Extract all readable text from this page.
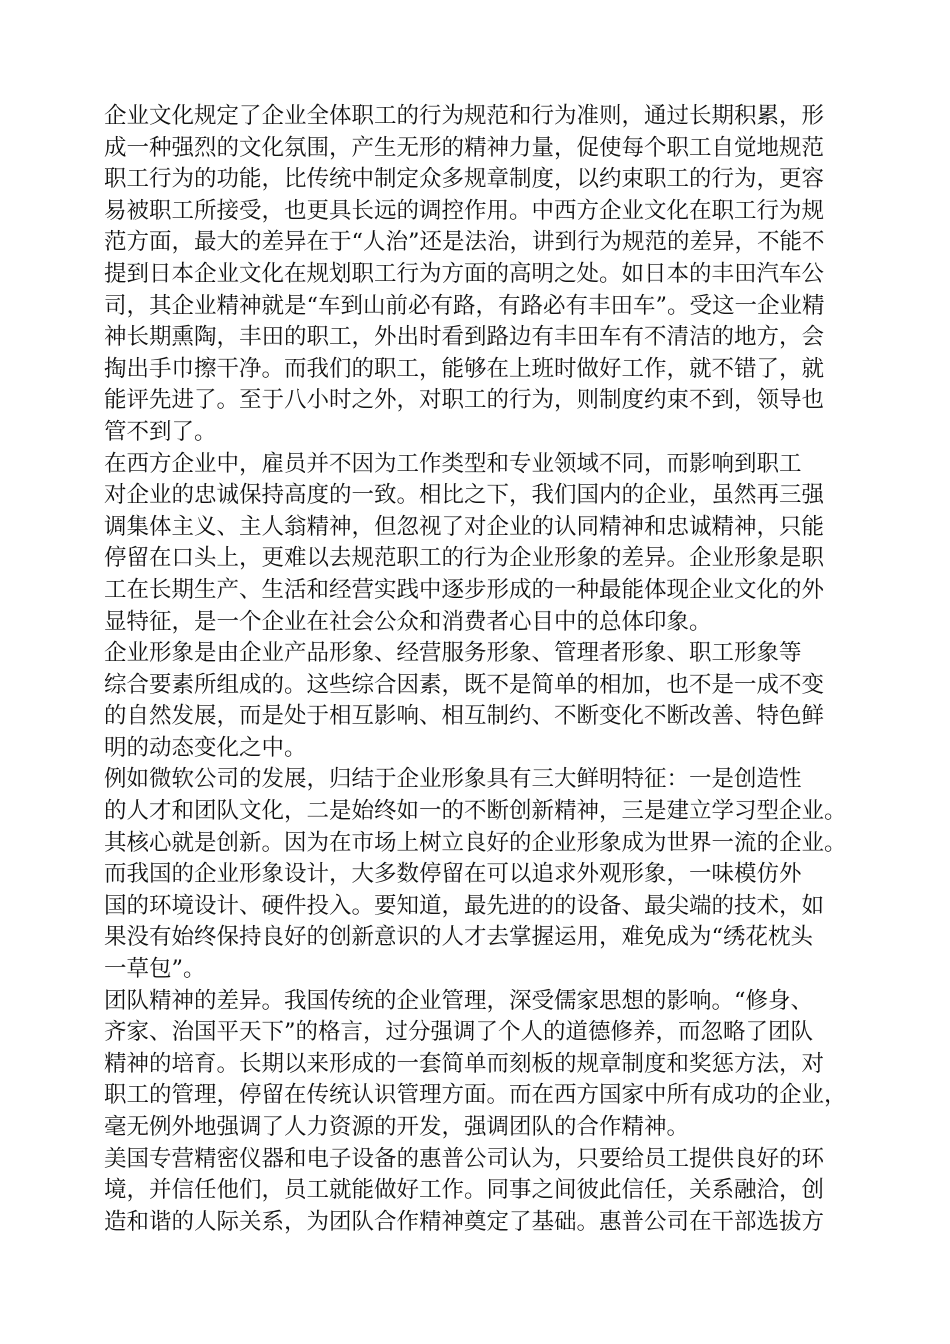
企业文化规定了企业全体职工的行为规范和行为准则，通过长期积累，形
成一种强烈的文化氛围，产生无形的精神力量，促使每个职工自觉地规范
职工行为的功能，比传统中制定众多规章制度，以约束职工的行为，更容
易被职工所接受，也更具长远的调控作用。中西方企业文化在职工行为规
范方面，最大的差异在于“人治”还是法治，讲到行为规范的差异，不能不
提到日本企业文化在规划职工行为方面的高明之处。如日本的丰田汽车公
司，其企业精神就是“车到山前必有路，有路必有丰田车”。受这一企业精
神长期熏陶，丰田的职工，外出时看到路边有丰田车有不清洁的地方，会
掏出手巾擦干净。而我们的职工，能够在上班时做好工作，就不错了，就
能评先进了。至于八小时之外，对职工的行为，则制度约束不到，领导也
管不到了。
在西方企业中，雇员并不因为工作类型和专业领域不同，而影响到职工
对企业的忠诚保持高度的一致。相比之下，我们国内的企业，虽然再三强
调集体主义、主人翁精神，但忽视了对企业的认同精神和忠诚精神，只能
停留在口头上，更难以去规范职工的行为企业形象的差异。企业形象是职
工在长期生产、生活和经营实践中逐步形成的一种最能体现企业文化的外
显特征，是一个企业在社会公众和消费者心目中的总体印象。
企业形象是由企业产品形象、经营服务形象、管理者形象、职工形象等
综合要素所组成的。这些综合因素，既不是简单的相加，也不是一成不变
的自然发展，而是处于相互影响、相互制约、不断变化不断改善、特色鲜
明的动态变化之中。
例如微软公司的发展，归结于企业形象具有三大鲜明特征：一是创造性
的人才和团队文化，二是始终如一的不断创新精神，三是建立学习型企业。
其核心就是创新。因为在市场上树立良好的企业形象成为世界一流的企业。
而我国的企业形象设计，大多数停留在可以追求外观形象，一味模仿外
国的环境设计、硬件投入。要知道，最先进的的设备、最尖端的技术，如
果没有始终保持良好的创新意识的人才去掌握运用，难免成为“绣花枕头
一草包”。
团队精神的差异。我国传统的企业管理，深受儒家思想的影响。“修身、
齐家、治国平天下”的格言，过分强调了个人的道德修养，而忽略了团队
精神的培育。长期以来形成的一套简单而刻板的规章制度和奖惩方法，对
职工的管理，停留在传统认识管理方面。而在西方国家中所有成功的企业，
毫无例外地强调了人力资源的开发，强调团队的合作精神。
美国专营精密仪器和电子设备的惠普公司认为，只要给员工提供良好的环
境，并信任他们，员工就能做好工作。同事之间彼此信任，关系融洽，创
造和谐的人际关系，为团队合作精神奠定了基础。惠普公司在干部选拔方
